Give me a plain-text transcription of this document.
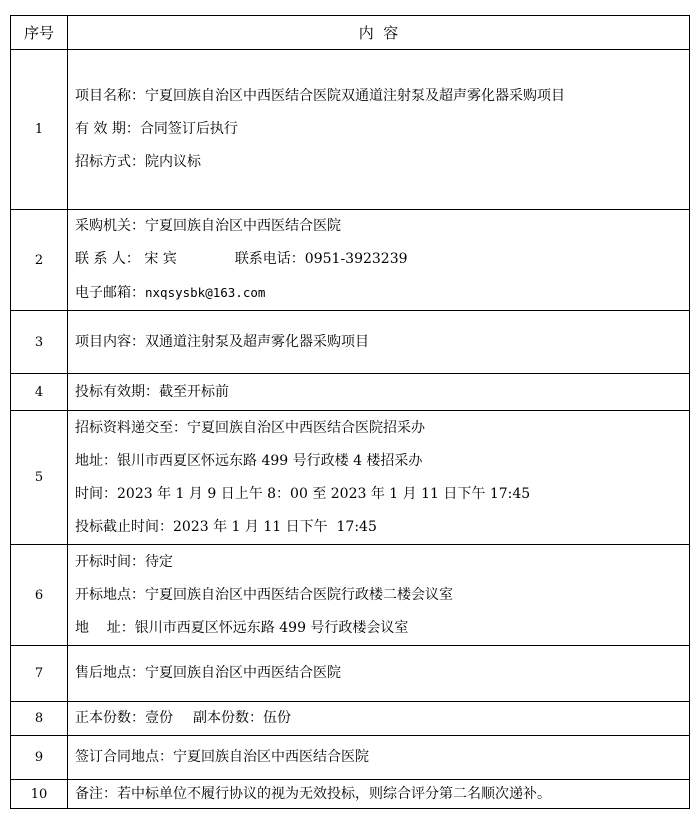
序号	内  容
1	项目名称：宁夏回族自治区中西医结合医院双通道注射泵及超声雾化器采购项目
有 效 期：合同签订后执行
招标方式：院内议标

2	采购机关：宁夏回族自治区中西医结合医院
联 系 人： 宋 宾 联系电话：0951-3923239
电子邮箱：nxqsysbk@163.com

3	项目内容：双通道注射泵及超声雾化器采购项目

4	投标有效期：截至开标前

5	招标资料递交至：宁夏回族自治区中西医结合医院招采办
地址：银川市西夏区怀远东路 499 号行政楼 4 楼招采办
时间：2023 年 1 月 9 日上午 8：00 至 2023 年 1 月 11 日下午 17:45
投标截止时间：2023 年 1 月 11 日下午  17:45

6	开标时间：待定
开标地点：宁夏回族自治区中西医结合医院行政楼二楼会议室
地    址：银川市西夏区怀远东路 499 号行政楼会议室

7	售后地点：宁夏回族自治区中西医结合医院

8	正本份数：壹份 副本份数：伍份

9	签订合同地点：宁夏回族自治区中西医结合医院

10	备注：若中标单位不履行协议的视为无效投标，则综合评分第二名顺次递补。
